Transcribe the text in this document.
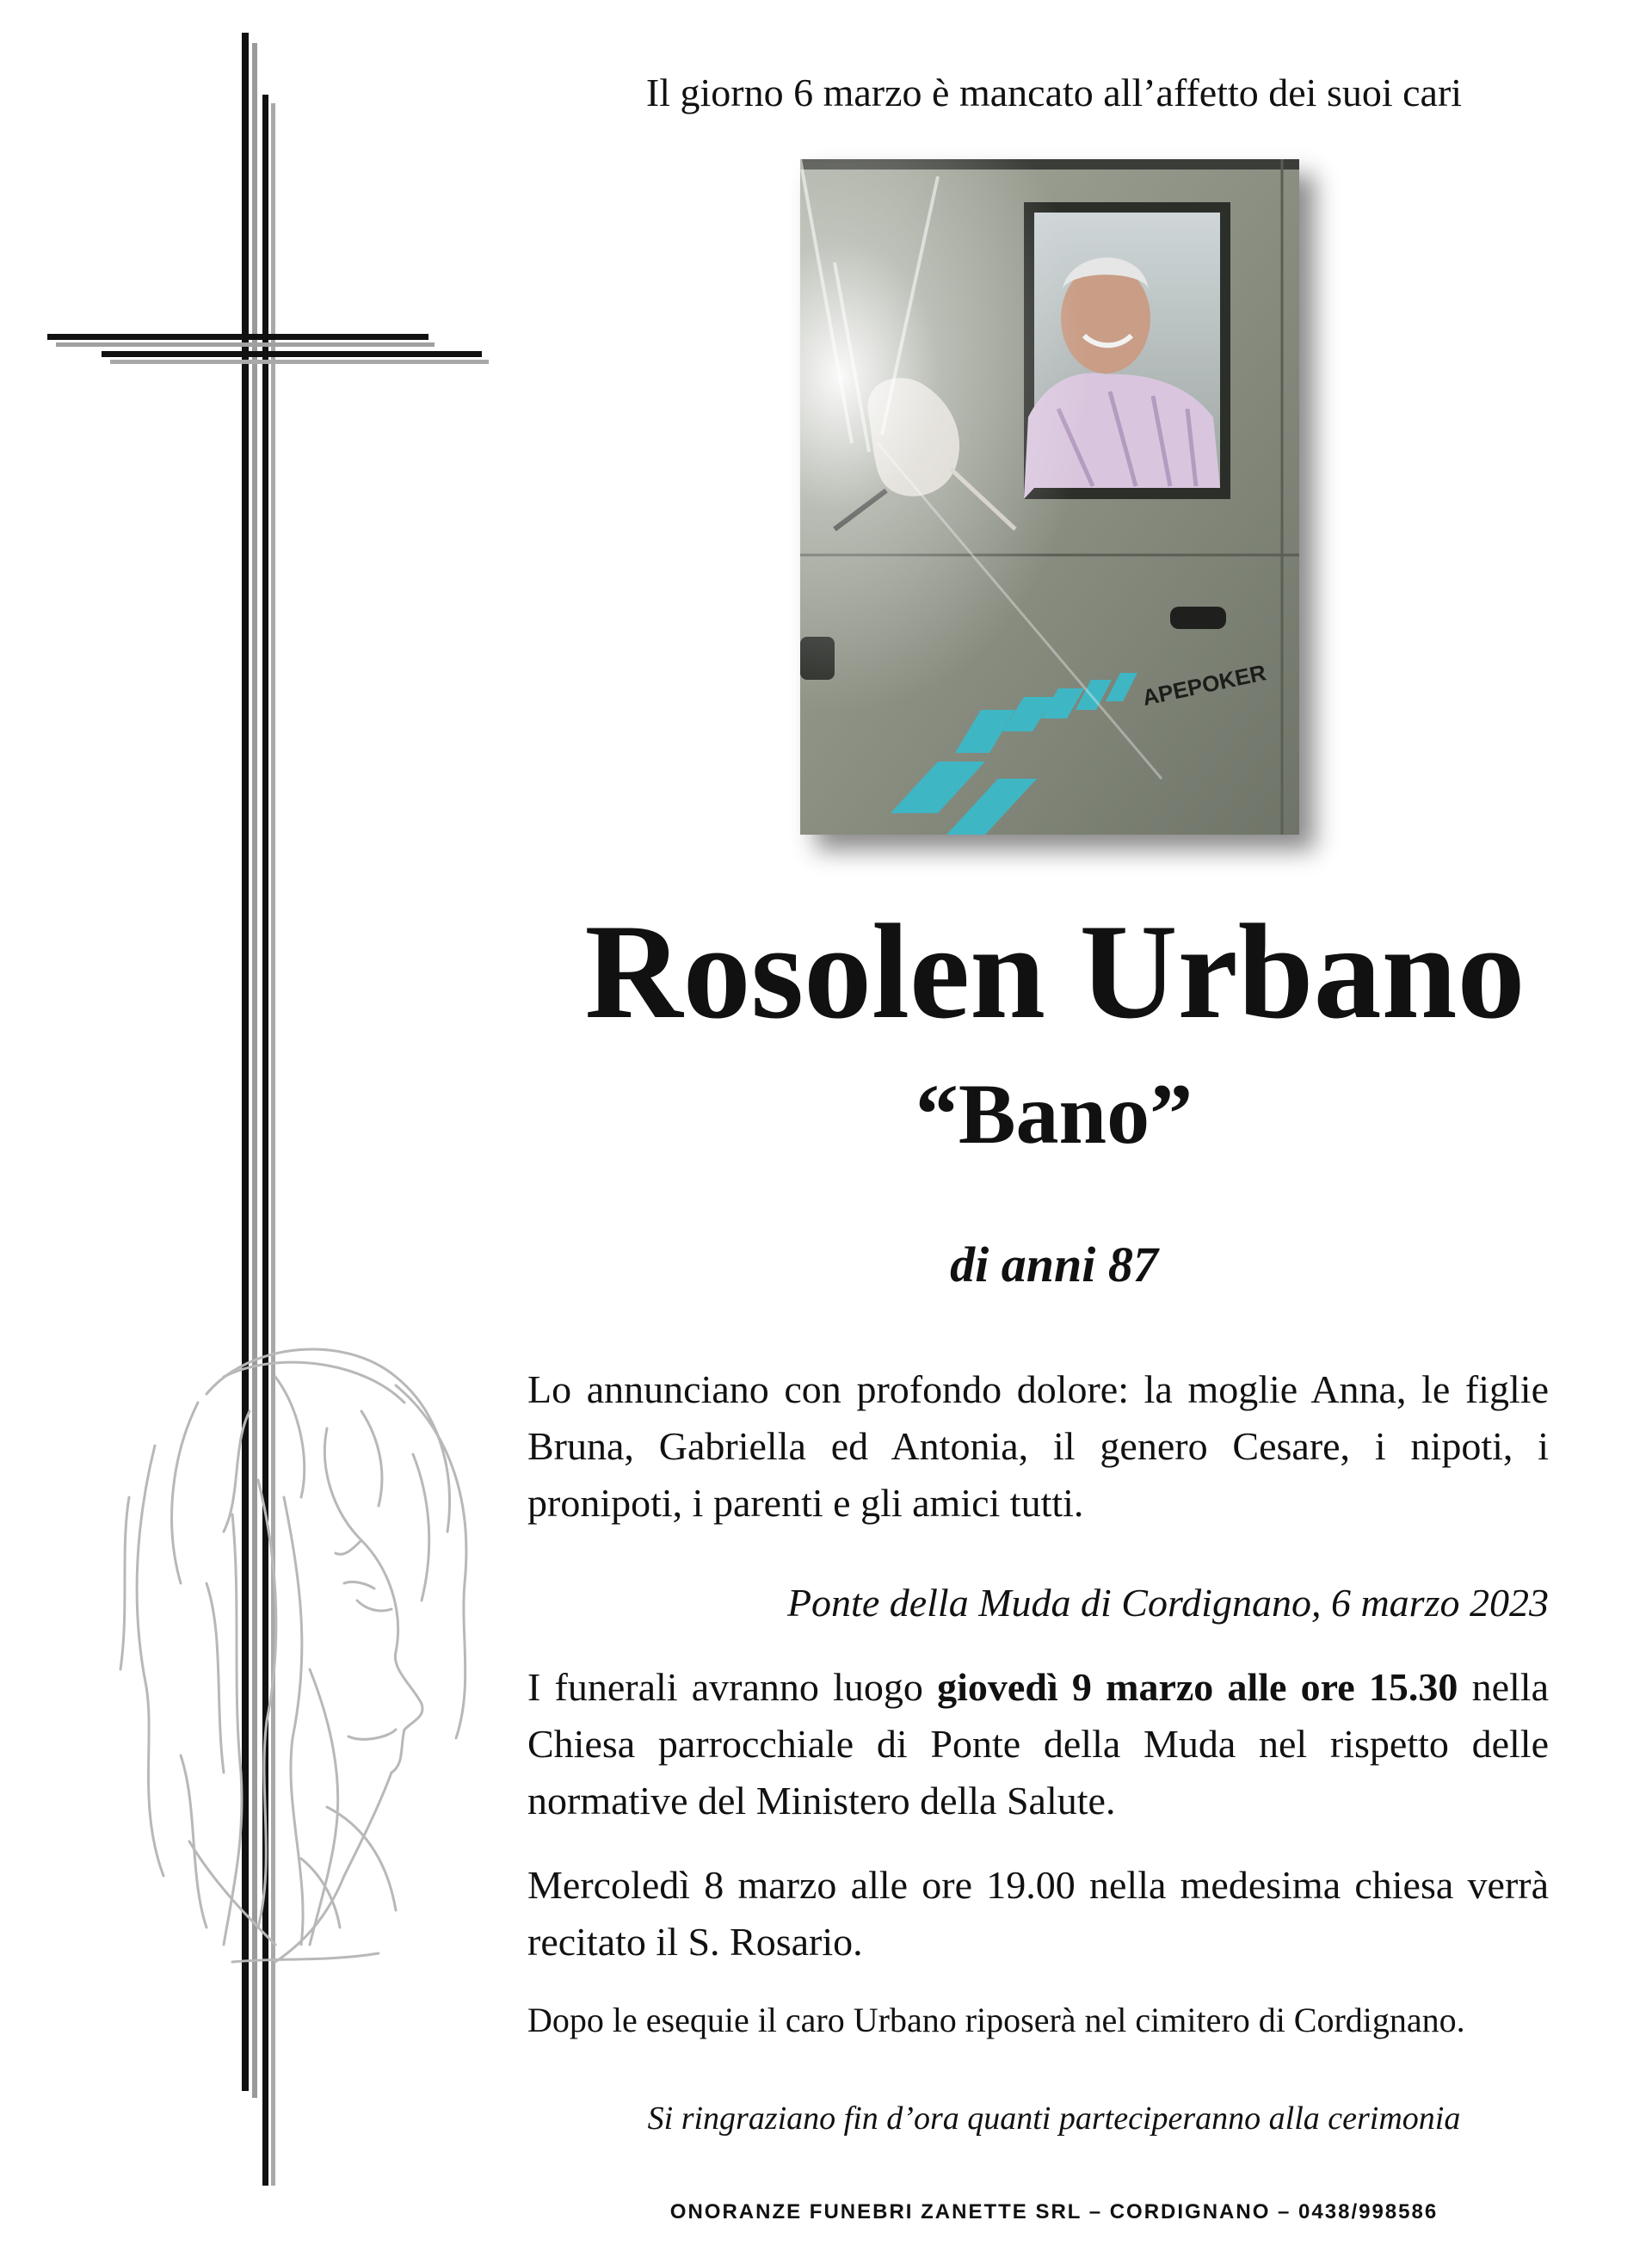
Il giorno 6 marzo è mancato all’affetto dei suoi cari
Rosolen Urbano
“Bano”
di anni 87
Lo annunciano con profondo dolore: la moglie Anna, le figlie Bruna, Gabriella ed Antonia, il genero Cesare, i nipoti, i pronipoti, i parenti e gli amici tutti.
Ponte della Muda di Cordignano, 6 marzo 2023
I funerali avranno luogo giovedì 9 marzo alle ore 15.30 nella Chiesa parrocchiale di Ponte della Muda nel rispetto delle normative del Ministero della Salute.
Mercoledì 8 marzo alle ore 19.00 nella medesima chiesa verrà recitato il S. Rosario.
Dopo le esequie il caro Urbano riposerà nel cimitero di Cordignano.
Si ringraziano fin d’ora quanti parteciperanno alla cerimonia
ONORANZE FUNEBRI ZANETTE SRL – CORDIGNANO – 0438/998586
